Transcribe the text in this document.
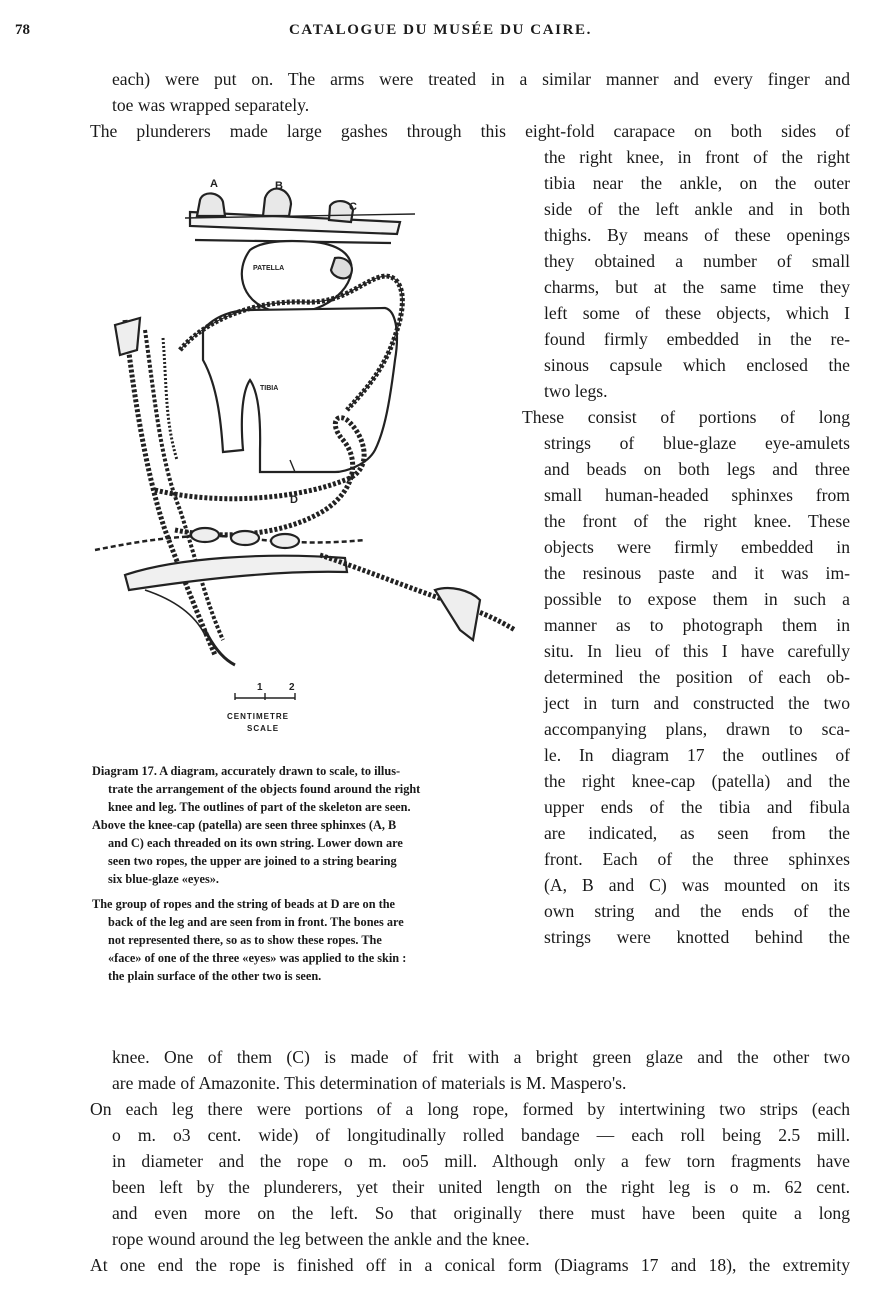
78	CATALOGUE DU MUSÉE DU CAIRE.
each) were put on. The arms were treated in a similar manner and every finger and
toe was wrapped separately.
The plunderers made large gashes through this eight-fold carapace on both sides of
the right knee, in front of the right
tibia near the ankle, on the outer
side of the left ankle and in both
thighs. By means of these openings
they obtained a number of small
charms, but at the same time they
left some of these objects, which I
found firmly embedded in the re-
sinous capsule which enclosed the
two legs.
These consist of portions of long
strings of blue-glaze eye-amulets
and beads on both legs and three
small human-headed sphinxes from
the front of the right knee. These
objects were firmly embedded in
the resinous paste and it was im-
possible to expose them in such a
manner as to photograph them in
situ. In lieu of this I have carefully
determined the position of each ob-
ject in turn and constructed the two
accompanying plans, drawn to sca-
le. In diagram 17 the outlines of
the right knee-cap (patella) and the
upper ends of the tibia and fibula
are indicated, as seen from the
front. Each of the three sphinxes
(A, B and C) was mounted on its
own string and the ends of the
strings were knotted behind the
A	B
C
D
PATELLA
TIBIA
1	2
CENTIMETRE
SCALE
Diagram 17. A diagram, accurately drawn to scale, to illus-
trate the arrangement of the objects found around the right
knee and leg. The outlines of part of the skeleton are seen.
Above the knee-cap (patella) are seen three sphinxes (A, B
and C) each threaded on its own string. Lower down are
seen two ropes, the upper are joined to a string bearing
six blue-glaze «eyes».
The group of ropes and the string of beads at D are on the
back of the leg and are seen from in front. The bones are
not represented there, so as to show these ropes. The
«face» of one of the three «eyes» was applied to the skin :
the plain surface of the other two is seen.
knee. One of them (C) is made of frit with a bright green glaze and the other two
are made of Amazonite. This determination of materials is M. Maspero's.
On each leg there were portions of a long rope, formed by intertwining two strips (each
o m. o3 cent. wide) of longitudinally rolled bandage — each roll being 2.5 mill.
in diameter and the rope o m. oo5 mill. Although only a few torn fragments have
been left by the plunderers, yet their united length on the right leg is o m. 62 cent.
and even more on the left. So that originally there must have been quite a long
rope wound around the leg between the ankle and the knee.
At one end the rope is finished off in a conical form (Diagrams 17 and 18), the extremity
